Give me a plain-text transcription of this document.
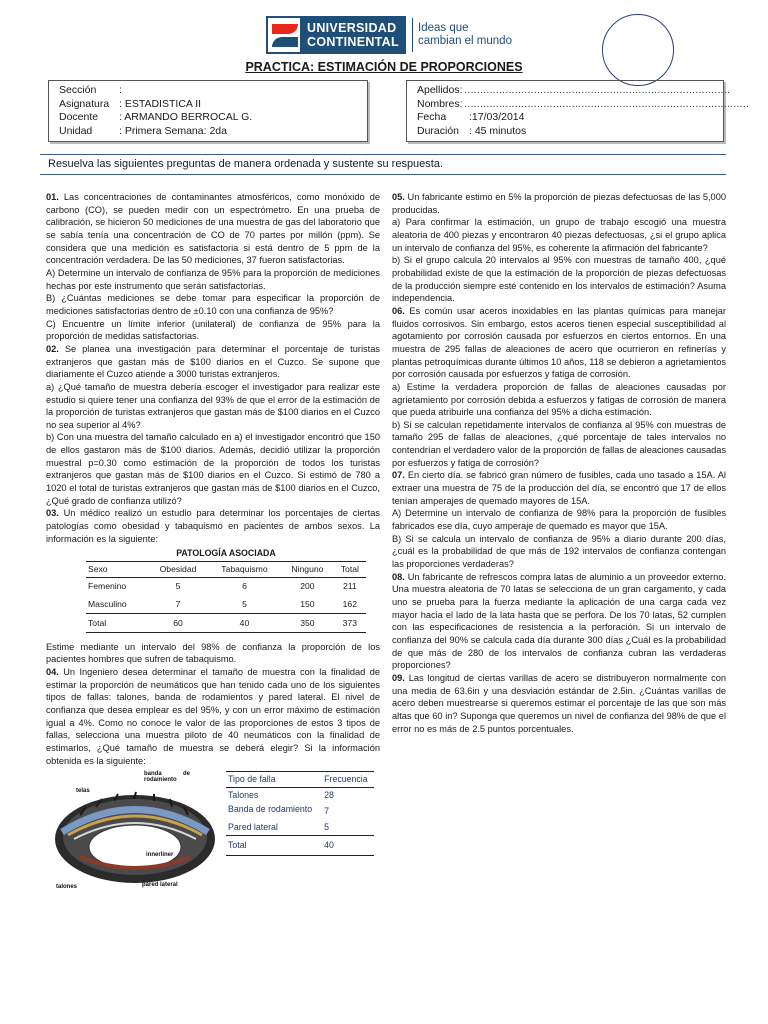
UNIVERSIDAD
CONTINENTAL
Ideas que
cambian el mundo
PRACTICA: ESTIMACIÓN DE PROPORCIONES
Sección	:
Asignatura : ESTADISTICA II
Docente	: ARMANDO BERROCAL G.
Unidad	: Primera Semana: 2da
Apellidos : …………………………………………………………………………
Nombres : ………………………………………………………………………………
Fecha	:17/03/2014
Duración : 45 minutos
Resuelva las siguientes preguntas de manera ordenada y sustente su respuesta.

01. Las concentraciones de contaminantes atmosféricos, como monóxido de carbono (CO), se pueden medir con un espectrómetro. En una prueba de calibración, se hicieron 50 mediciones de una muestra de gas del laboratorio que se sabía tenía una concentración de CO de 70 partes por millón (ppm). Se considera que una medición es satisfactoria si está dentro de 5 ppm de la concentración verdadera. De las 50 mediciones, 37 fueron satisfactorias.

A) Determine un intervalo de confianza de 95% para la proporción de mediciones hechas por este instrumento que serán satisfactorias.

B) ¿Cuántas mediciones se debe tomar para especificar la proporción de mediciones satisfactorias dentro de ±0.10 con una confianza de 95%?

C) Encuentre un límite inferior (unilateral) de confianza de 95% para la proporción de medidas satisfactorias.

02. Se planea una investigación para determinar el porcentaje de turistas extranjeros que gastan más de $100 diarios en el Cuzco. Se supone que diariamente el Cuzco atiende a 3000 turistas extranjeros.

a) ¿Qué tamaño de muestra debería escoger el investigador para realizar este estudio si quiere tener una confianza del 93% de que el error de la estimación de la proporción de turistas extranjeros que gastan más de $100 diarios en el Cuzco no sea superior al 4%?

b) Con una muestra del tamaño calculado en a) el investigador encontró que 150 de ellos gastaron más de $100 diarios. Además, decidió utilizar la proporción muestral p=0.30 como estimación de la proporción de todos los turistas extranjeros que gastan más de $100 diarios en el Cuzco. Si estimó de 780 a 1020 el total de turistas extranjeros que gastan más de $100 diarios en el Cuzco, ¿Qué grado de confianza utilizó?

03. Un médico realizó un estudio para determinar los porcentajes de ciertas patologías como obesidad y tabaquismo en pacientes de ambos sexos. La información es la siguiente:

PATOLOGÍA ASOCIADA
Sexo	Obesidad	Tabaquismo	Ninguno	Total
Femenino	5	6	200	211
Masculino	7	5	150	162
Total	60	40	350	373

Estime mediante un intervalo del 98% de confianza la proporción de los pacientes hombres que sufren de tabaquismo.

04. Un Ingeniero desea determinar el tamaño de muestra con la finalidad de estimar la proporción de neumáticos que han tenido cada uno de los siguientes tipos de fallas: talones, banda de rodamientos y pared lateral. El nivel de confianza que desea emplear es del 95%, y con un error máximo de estimación igual a 4%. Como no conoce le valor de las proporciones de estos 3 tipos de fallas, selecciona una muestra piloto de 40 neumáticos con la finalidad de estimarlos, ¿Qué tamaño de muestra se deberá elegir? Si la información obtenida es la siguiente:

telas
banda de rodamiento
innerliner
talones	pared lateral
Tipo de falla	Frecuencia
Talones	28
Banda de rodamiento	7
Pared lateral	5
Total	40

05. Un fabricante estimo en 5% la proporción de piezas defectuosas de las 5,000 producidas.

a) Para confirmar la estimación, un grupo de trabajo escogió una muestra aleatoria de 400 piezas y encontraron 40 piezas defectuosas, ¿si el grupo aplica un intervalo de confianza del 95%, es coherente la afirmación del fabricante?

b) Si el grupo calcula 20 intervalos al 95% con muestras de tamaño 400, ¿qué probabilidad existe de que la estimación de la proporción de piezas defectuosas de la producción siempre esté contenido en los intervalos de estimación? Asuma independencia.

06. Es común usar aceros inoxidables en las plantas químicas para manejar fluidos corrosivos. Sin embargo, estos aceros tienen especial susceptibilidad al agotamiento por corrosión causada por esfuerzos en ciertos entornos. En una muestra de 295 fallas de aleaciones de acero que ocurrieron en refinerías y plantas petroquímicas durante últimos 10 años, 118 se debieron a agrietamientos por corrosión causada por esfuerzos y fatiga de corrosión.

a) Estime la verdadera proporción de fallas de aleaciones causadas por agrietamiento por corrosión debida a esfuerzos y fatigas de corrosión de manera que pueda atribuirle una confianza del 95% a dicha estimación.

b) Si se calculan repetidamente intervalos de confianza al 95% con muestras de tamaño 295 de fallas de aleaciones, ¿qué porcentaje de tales intervalos no contendrían el verdadero valor de la proporción de fallas de aleaciones causadas por esfuerzos y fatiga de corrosión?

07. En cierto día. se fabricó gran número de fusibles, cada uno tasado a 15A. Al extraer una muestra de 75 de la producción del día, se encontró que 17 de ellos tenían amperajes de quemado mayores de 15A.

A) Determine un intervalo de confianza de 98% para la proporción de fusibles fabricados ese día, cuyo amperaje de quemado es mayor que 15A.

B) Si se calcula un intervalo de confianza de 95% a diario durante 200 días, ¿cuál es la probabilidad de que más de 192 intervalos de confianza contengan las proporciones verdaderas?

08. Un fabricante de refrescos compra latas de aluminio a un proveedor externo. Una muestra aleatoria de 70 latas se selecciona de un gran cargamento, y cada uno se prueba para la fuerza mediante la aplicación de una carga cada vez mayor hacia el lado de la lata hasta que se perfora. De los 70 latas, 52 cumplen con las especificaciones de resistencia a la perforación. Si un intervalo de confianza del 90% se calcula cada día durante 300 días ¿Cuál es la probabilidad de que más de 280 de los intervalos de confianza cubran las verdaderas proporciones?

09. Las longitud de ciertas varillas de acero se distribuyeron normalmente con una media de 63.6in y una desviación estándar de 2.5in. ¿Cuántas varillas de acero deben muestrearse si queremos estimar el porcentaje de las que son más altas que 60 in? Suponga que queremos un nivel de confianza del 98% de que el error no es más de 2.5 puntos porcentuales.
